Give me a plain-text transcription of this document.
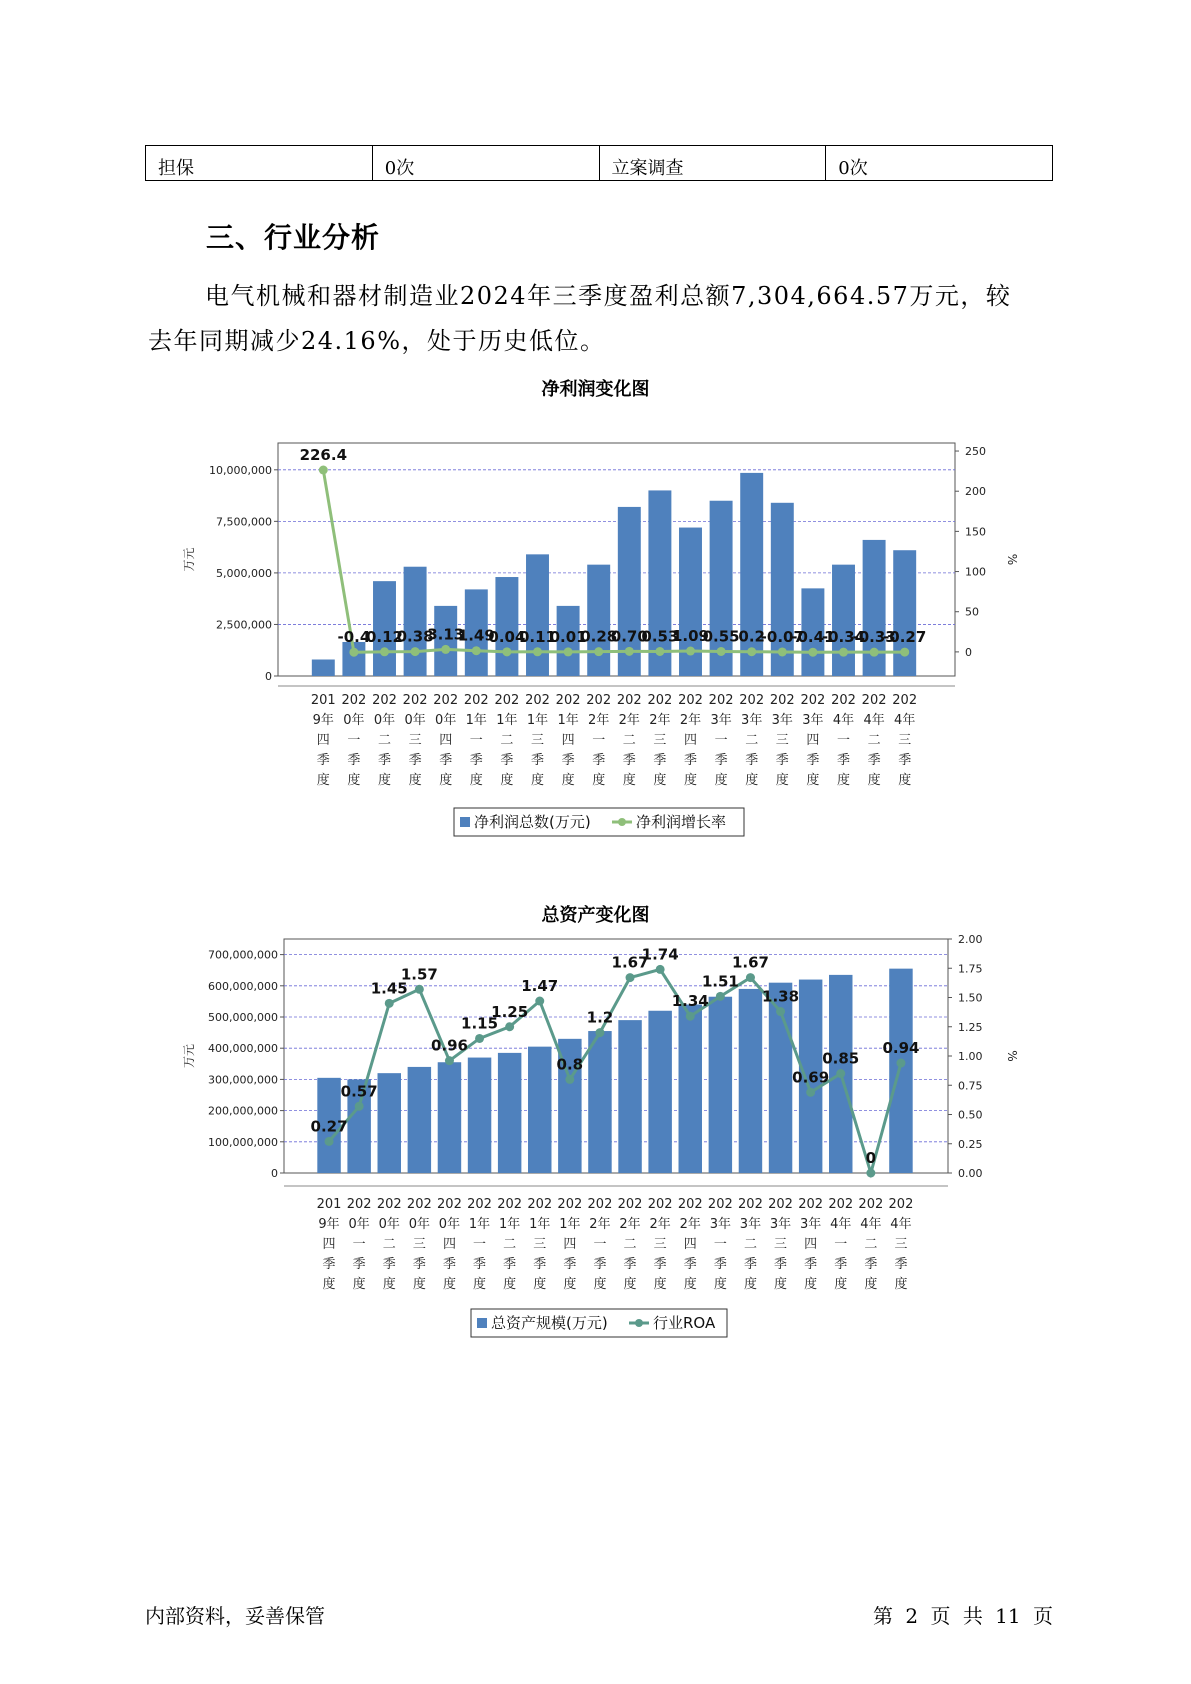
担保	0次	立案调查	0次
三、行业分析
电气机械和器材制造业2024年三季度盈利总额7,304,664.57万元，较
去年同期减少24.16%，处于历史低位。
净利润变化图
0
2,500,000
5,000,000
7,500,000
10,000,000
0
50
100
150
200
250
万元	%
201
9年
四
季
度
202
0年
一
季
度
202
0年
二
季
度
202
0年
三
季
度
202
0年
四
季
度
202
1年
一
季
度
202
1年
二
季
度
202
1年
三
季
度
202
1年
四
季
度
202
2年
一
季
度
202
2年
二
季
度
202
2年
三
季
度
202
2年
四
季
度
202
3年
一
季
度
202
3年
二
季
度
202
3年
三
季
度
202
3年
四
季
度
202
4年
一
季
度
202
4年
二
季
度
202
4年
三
季
度
226.4
-0.4
0.12
0.38
3.13
1.49
0.04
0.11
0.01
0.28
0.70
0.53
1.09
0.55
0.2
-0.07
-0.41
-0.34
-0.33
-0.27
净利润总数(万元)	净利润增长率
总资产变化图
0
100,000,000
200,000,000
300,000,000
400,000,000
500,000,000
600,000,000
700,000,000
0.00
0.25
0.50
0.75
1.00
1.25
1.50
1.75
2.00
万元	%
201
9年
四
季
度
202
0年
一
季
度
202
0年
二
季
度
202
0年
三
季
度
202
0年
四
季
度
202
1年
一
季
度
202
1年
二
季
度
202
1年
三
季
度
202
1年
四
季
度
202
2年
一
季
度
202
2年
二
季
度
202
2年
三
季
度
202
2年
四
季
度
202
3年
一
季
度
202
3年
二
季
度
202
3年
三
季
度
202
3年
四
季
度
202
4年
一
季
度
202
4年
二
季
度
202
4年
三
季
度
0.27
0.57
1.45
1.57
0.96
1.15
1.25
1.47
0.8
1.2
1.67
1.74
1.34
1.51
1.67
1.38
0.69
0.85
0
0.94
总资产规模(万元)	行业ROA
内部资料，妥善保管	第 2 页 共 11 页
